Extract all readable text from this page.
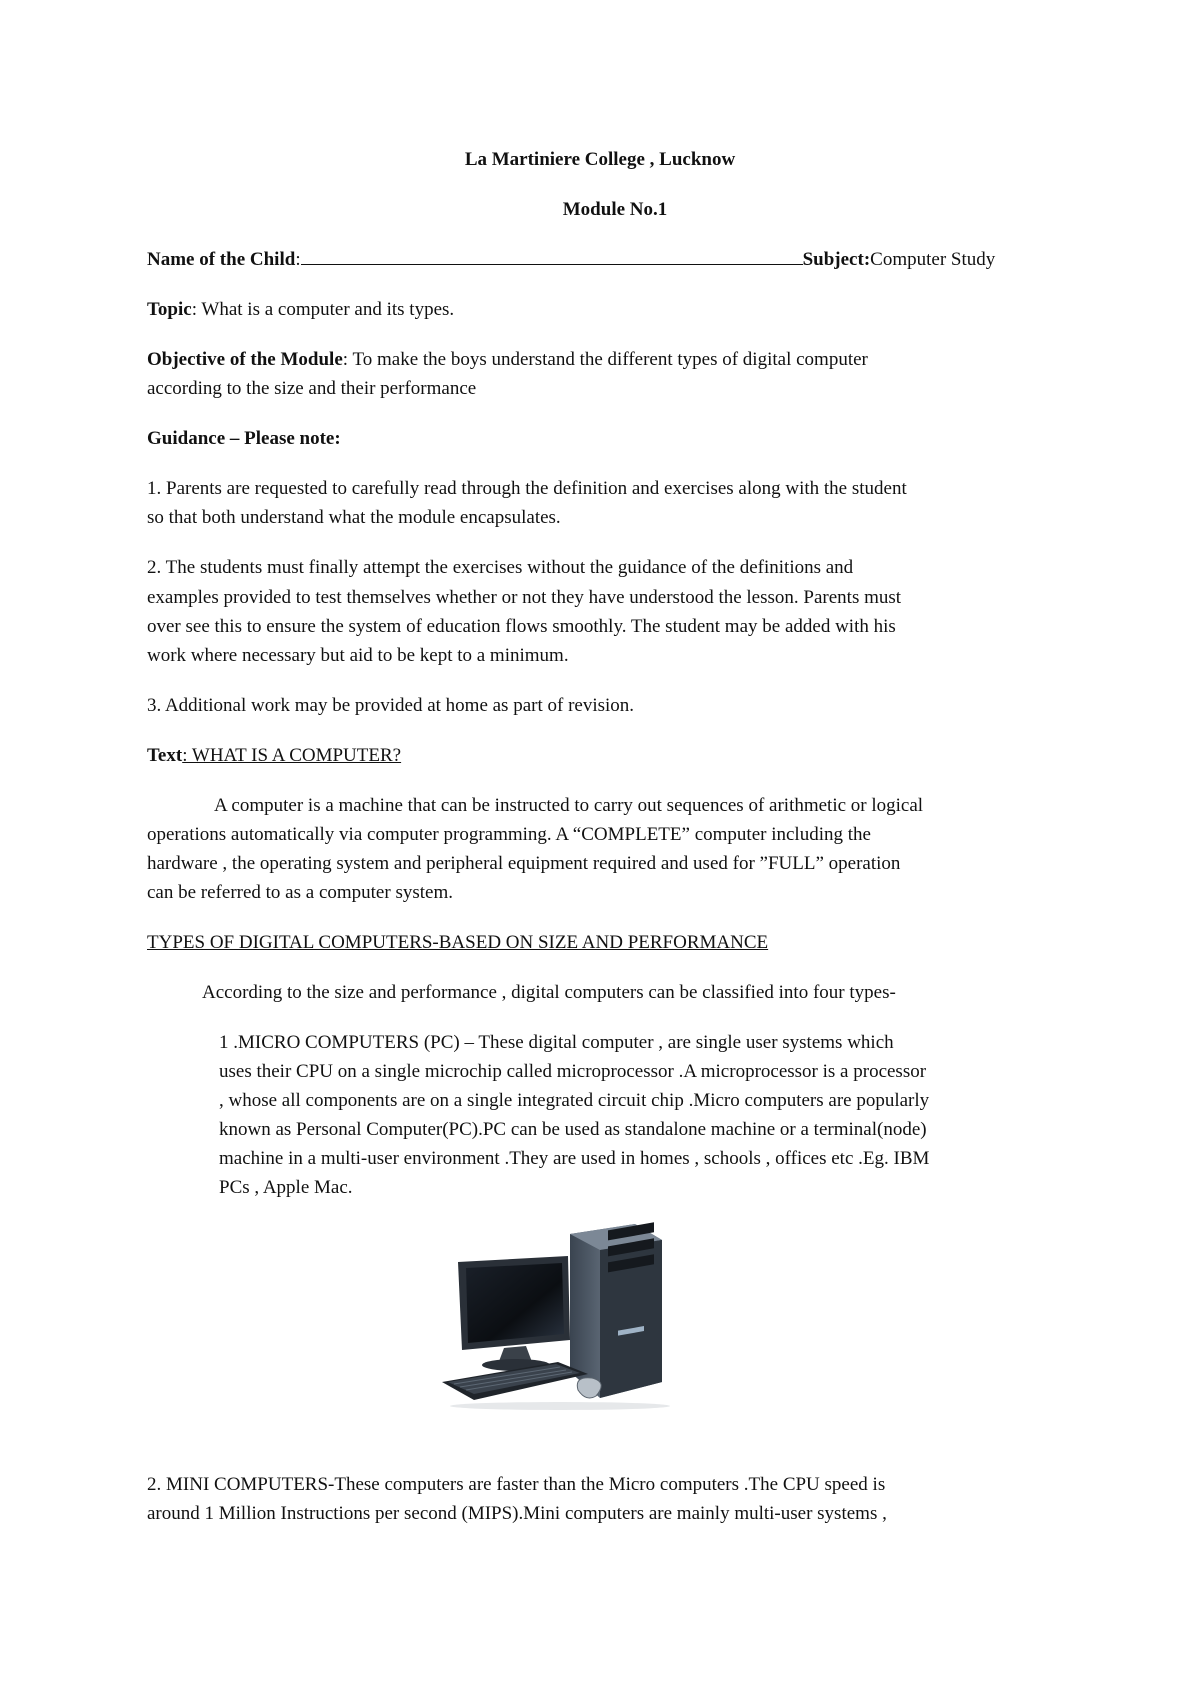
La Martiniere College , Lucknow

Module No.1

Name of the Child:	Subject:Computer Study

Topic: What is a computer and its types.

Objective of the Module: To make the boys understand the different types of digital computer

according to the size and their performance

Guidance – Please note:

1. Parents are requested to carefully read through the definition and exercises along with the student

so that both understand what the module encapsulates.

2. The students must finally attempt the exercises without the guidance of the definitions and

examples provided to test themselves whether or not they have understood the lesson. Parents must

over see this to ensure the system of education flows smoothly. The student may be added with his

work where necessary but aid to be kept to a minimum.

3. Additional work may be provided at home as part of revision.

Text: WHAT IS A COMPUTER?

A computer is a machine that can be instructed to carry out sequences of arithmetic or logical

operations automatically via computer programming. A “COMPLETE” computer including the

hardware , the operating system and peripheral equipment required and used for ”FULL” operation

can be referred to as a computer system.

TYPES OF DIGITAL COMPUTERS-BASED ON SIZE AND PERFORMANCE

According to the size and performance , digital computers can be classified into four types-

1 .MICRO COMPUTERS (PC) – These digital computer , are single user systems which

uses their CPU on a single microchip called microprocessor .A microprocessor is a processor

, whose all components are on a single integrated circuit chip .Micro computers are popularly

known as Personal Computer(PC).PC can be used as standalone machine or a terminal(node)

machine in a multi-user environment .They are used in homes , schools , offices etc .Eg. IBM

PCs , Apple Mac.

2. MINI COMPUTERS-These computers are faster than the Micro computers .The CPU speed is

around 1 Million Instructions per second (MIPS).Mini computers are mainly multi-user systems ,
